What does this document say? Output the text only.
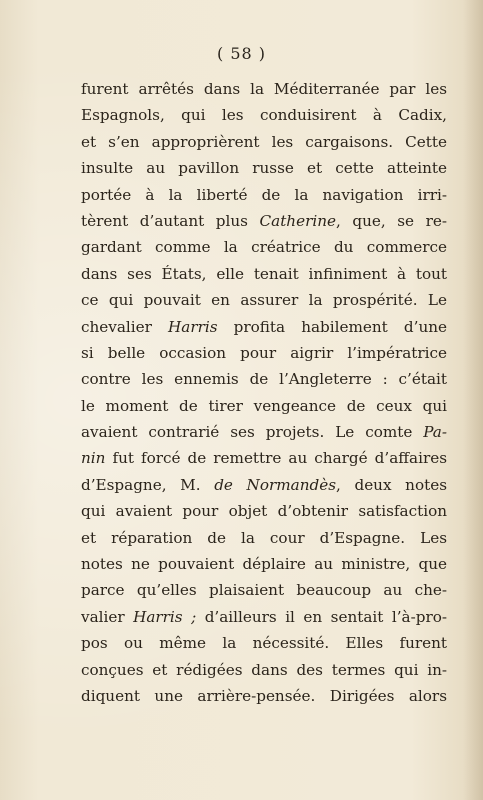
( 58 )
furent arrêtés dans la Méditerranée par les
Espagnols, qui les conduisirent à Cadix,
et s’en approprièrent les cargaisons. Cette
insulte au pavillon russe et cette atteinte
portée à la liberté de la navigation irri-
tèrent d’autant plus Catherine, que, se re-
gardant comme la créatrice du commerce
dans ses États, elle tenait infiniment à tout
ce qui pouvait en assurer la prospérité. Le
chevalier Harris profita habilement d’une
si belle occasion pour aigrir l’impératrice
contre les ennemis de l’Angleterre : c’était
le moment de tirer vengeance de ceux qui
avaient contrarié ses projets. Le comte Pa-
nin fut forcé de remettre au chargé d’affaires
d’Espagne, M. de Normandès, deux notes
qui avaient pour objet d’obtenir satisfaction
et réparation de la cour d’Espagne. Les
notes ne pouvaient déplaire au ministre, que
parce qu’elles plaisaient beaucoup au che-
valier Harris ; d’ailleurs il en sentait l’à-pro-
pos ou même la nécessité. Elles furent
conçues et rédigées dans des termes qui in-
diquent une arrière-pensée. Dirigées alors
